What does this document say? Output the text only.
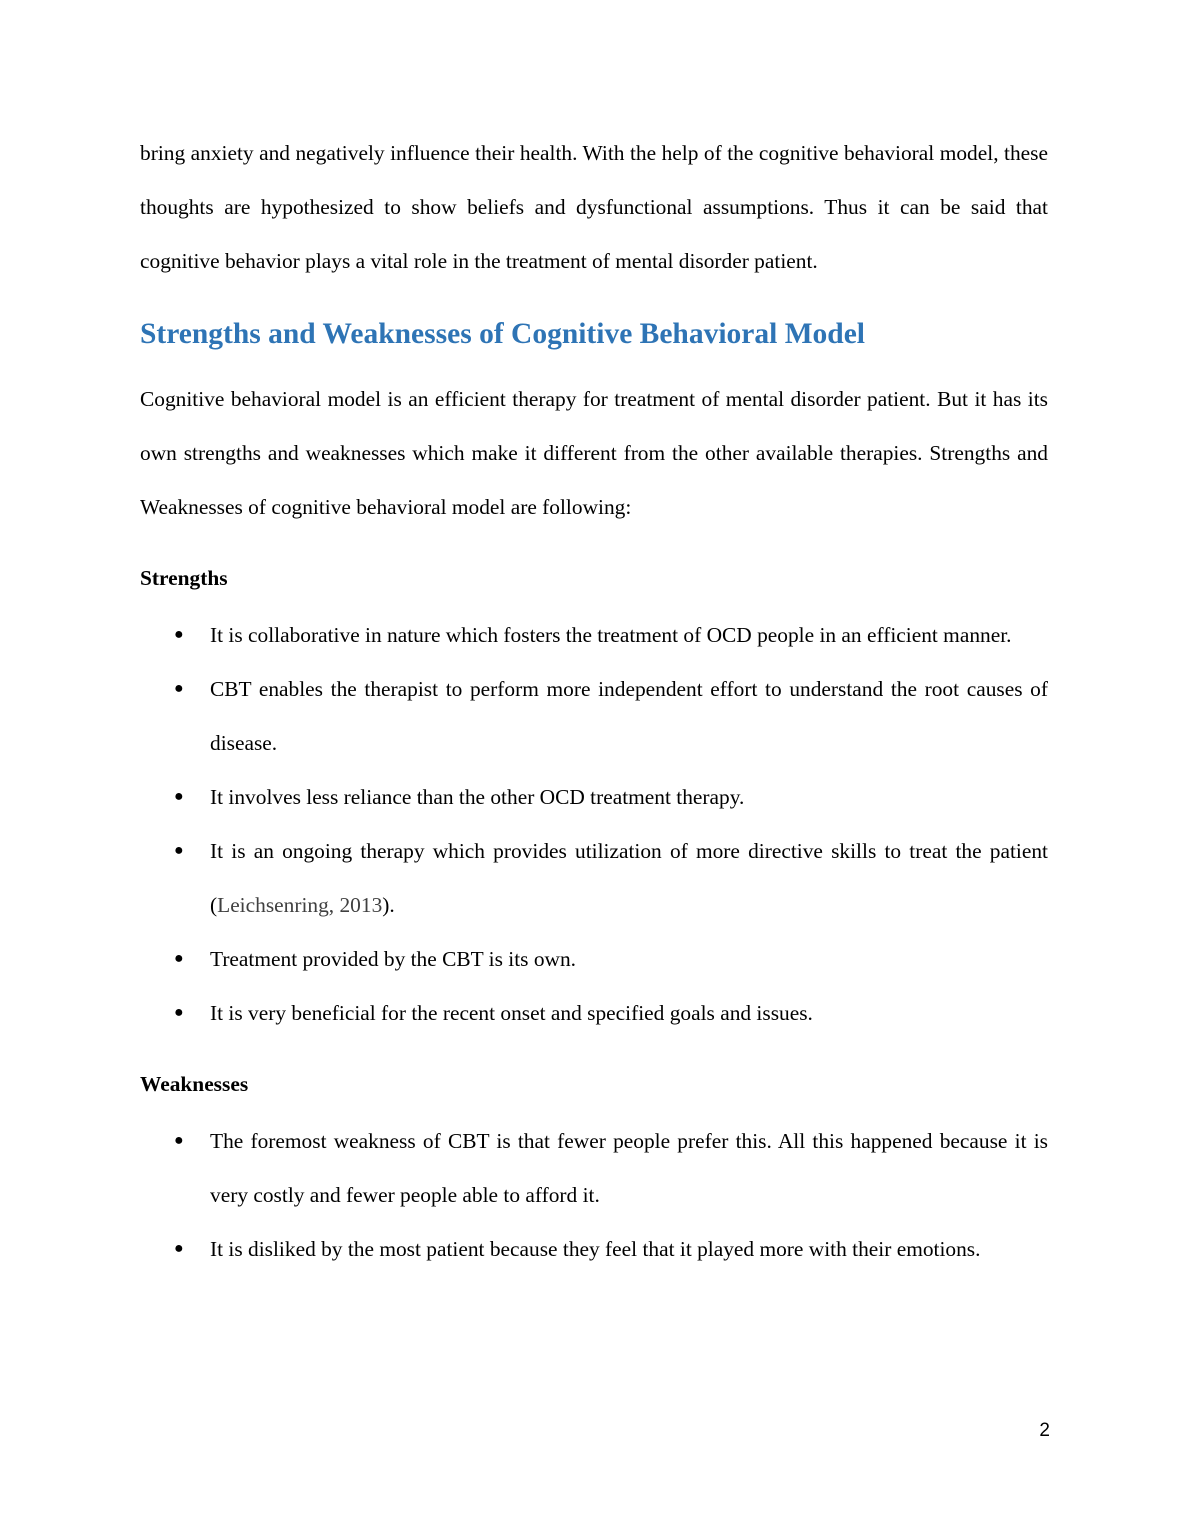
bring anxiety and negatively influence their health. With the help of the cognitive behavioral model, these thoughts are hypothesized to show beliefs and dysfunctional assumptions. Thus it can be said that cognitive behavior plays a vital role in the treatment of mental disorder patient.

Strengths and Weaknesses of Cognitive Behavioral Model

Cognitive behavioral model is an efficient therapy for treatment of mental disorder patient. But it has its own strengths and weaknesses which make it different from the other available therapies. Strengths and Weaknesses of cognitive behavioral model are following:

Strengths
● It is collaborative in nature which fosters the treatment of OCD people in an efficient manner.
● CBT enables the therapist to perform more independent effort to understand the root causes of disease.
● It involves less reliance than the other OCD treatment therapy.
● It is an ongoing therapy which provides utilization of more directive skills to treat the patient (Leichsenring, 2013).
● Treatment provided by the CBT is its own.
● It is very beneficial for the recent onset and specified goals and issues.
Weaknesses
● The foremost weakness of CBT is that fewer people prefer this. All this happened because it is very costly and fewer people able to afford it.
● It is disliked by the most patient because they feel that it played more with their emotions.
2
